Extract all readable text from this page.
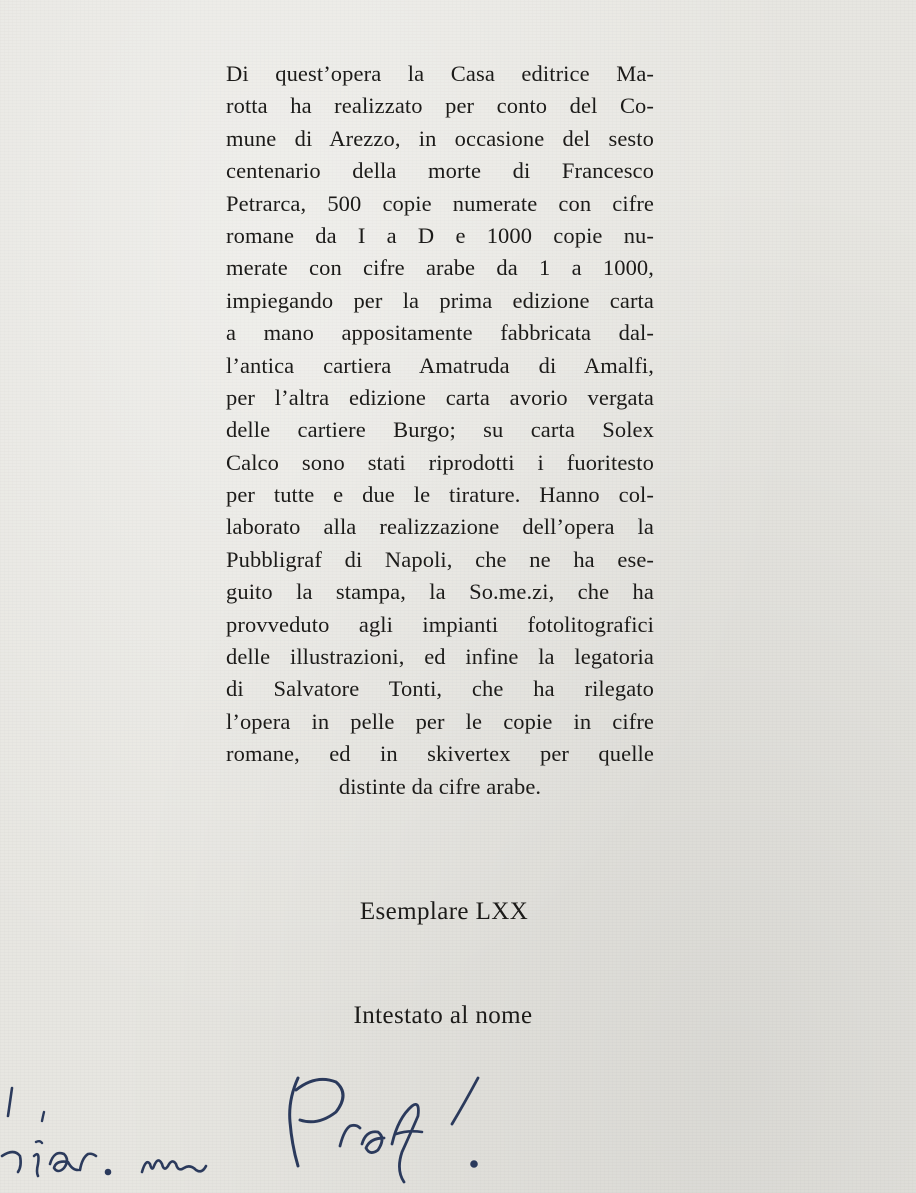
Di quest’opera la Casa editrice Ma-
rotta ha realizzato per conto del Co-
mune di Arezzo, in occasione del sesto
centenario della morte di Francesco
Petrarca, 500 copie numerate con cifre
romane da I a D e 1000 copie nu-
merate con cifre arabe da 1 a 1000,
impiegando per la prima edizione carta
a mano appositamente fabbricata dal-
l’antica cartiera Amatruda di Amalfi,
per l’altra edizione carta avorio vergata
delle cartiere Burgo; su carta Solex
Calco sono stati riprodotti i fuoritesto
per tutte e due le tirature. Hanno col-
laborato alla realizzazione dell’opera la
Pubbligraf di Napoli, che ne ha ese-
guito la stampa, la So.me.zi, che ha
provveduto agli impianti fotolitografici
delle illustrazioni, ed infine la legatoria
di Salvatore Tonti, che ha rilegato
l’opera in pelle per le copie in cifre
romane, ed in skivertex per quelle
distinte da cifre arabe.
Esemplare LXX
Intestato al nome
